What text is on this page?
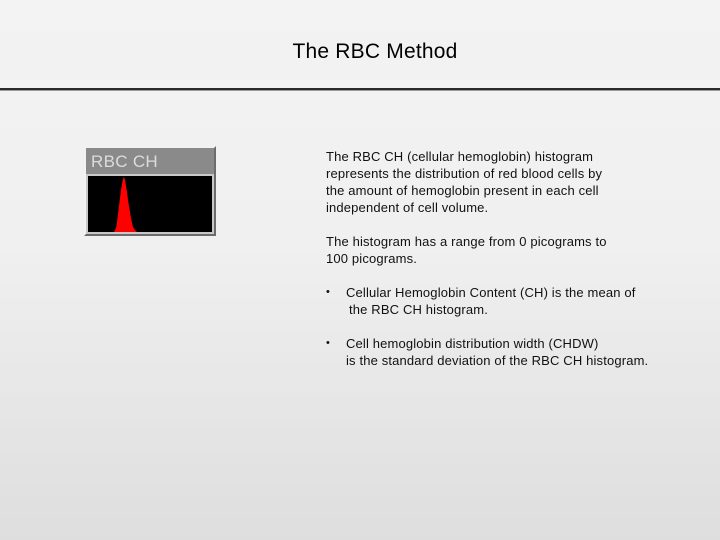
The RBC Method
RBC CH	The RBC CH (cellular hemoglobin) histogram
represents the distribution of red blood cells by
the amount of hemoglobin present in each cell
independent of cell volume.

The histogram has a range from 0 picograms to
100 picograms.

•	Cellular Hemoglobin Content (CH) is the mean of
the RBC CH histogram.
•	Cell hemoglobin distribution width (CHDW)
is the standard deviation of the RBC CH histogram.
